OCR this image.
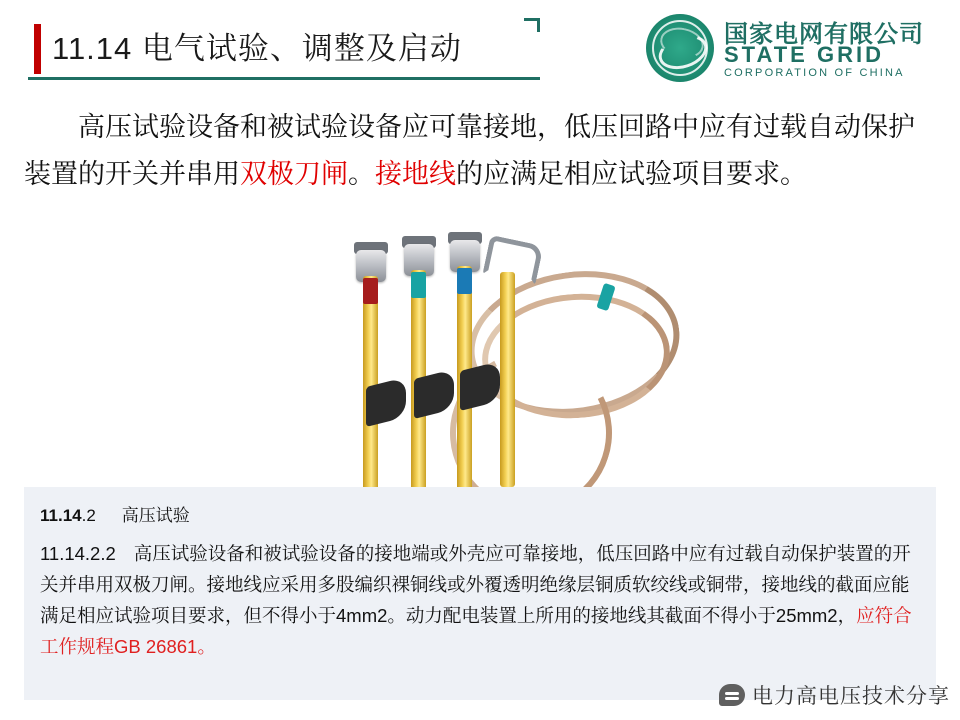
11.14 电气试验、调整及启动	国家电网有限公司
STATE GRID
CORPORATION OF CHINA
高压试验设备和被试验设备应可靠接地，低压回路中应有过载自动保护装置的开关并串用双极刀闸。接地线的应满足相应试验项目要求。
11.14.2 高压试验
11.14.2.2 高压试验设备和被试验设备的接地端或外壳应可靠接地，低压回路中应有过载自动保护装置的开关并串用双极刀闸。接地线应采用多股编织裸铜线或外覆透明绝缘层铜质软绞线或铜带，接地线的截面应能满足相应试验项目要求，但不得小于4mm2。动力配电装置上所用的接地线其截面不得小于25mm2，应符合工作规程GB 26861。
电力高电压技术分享
